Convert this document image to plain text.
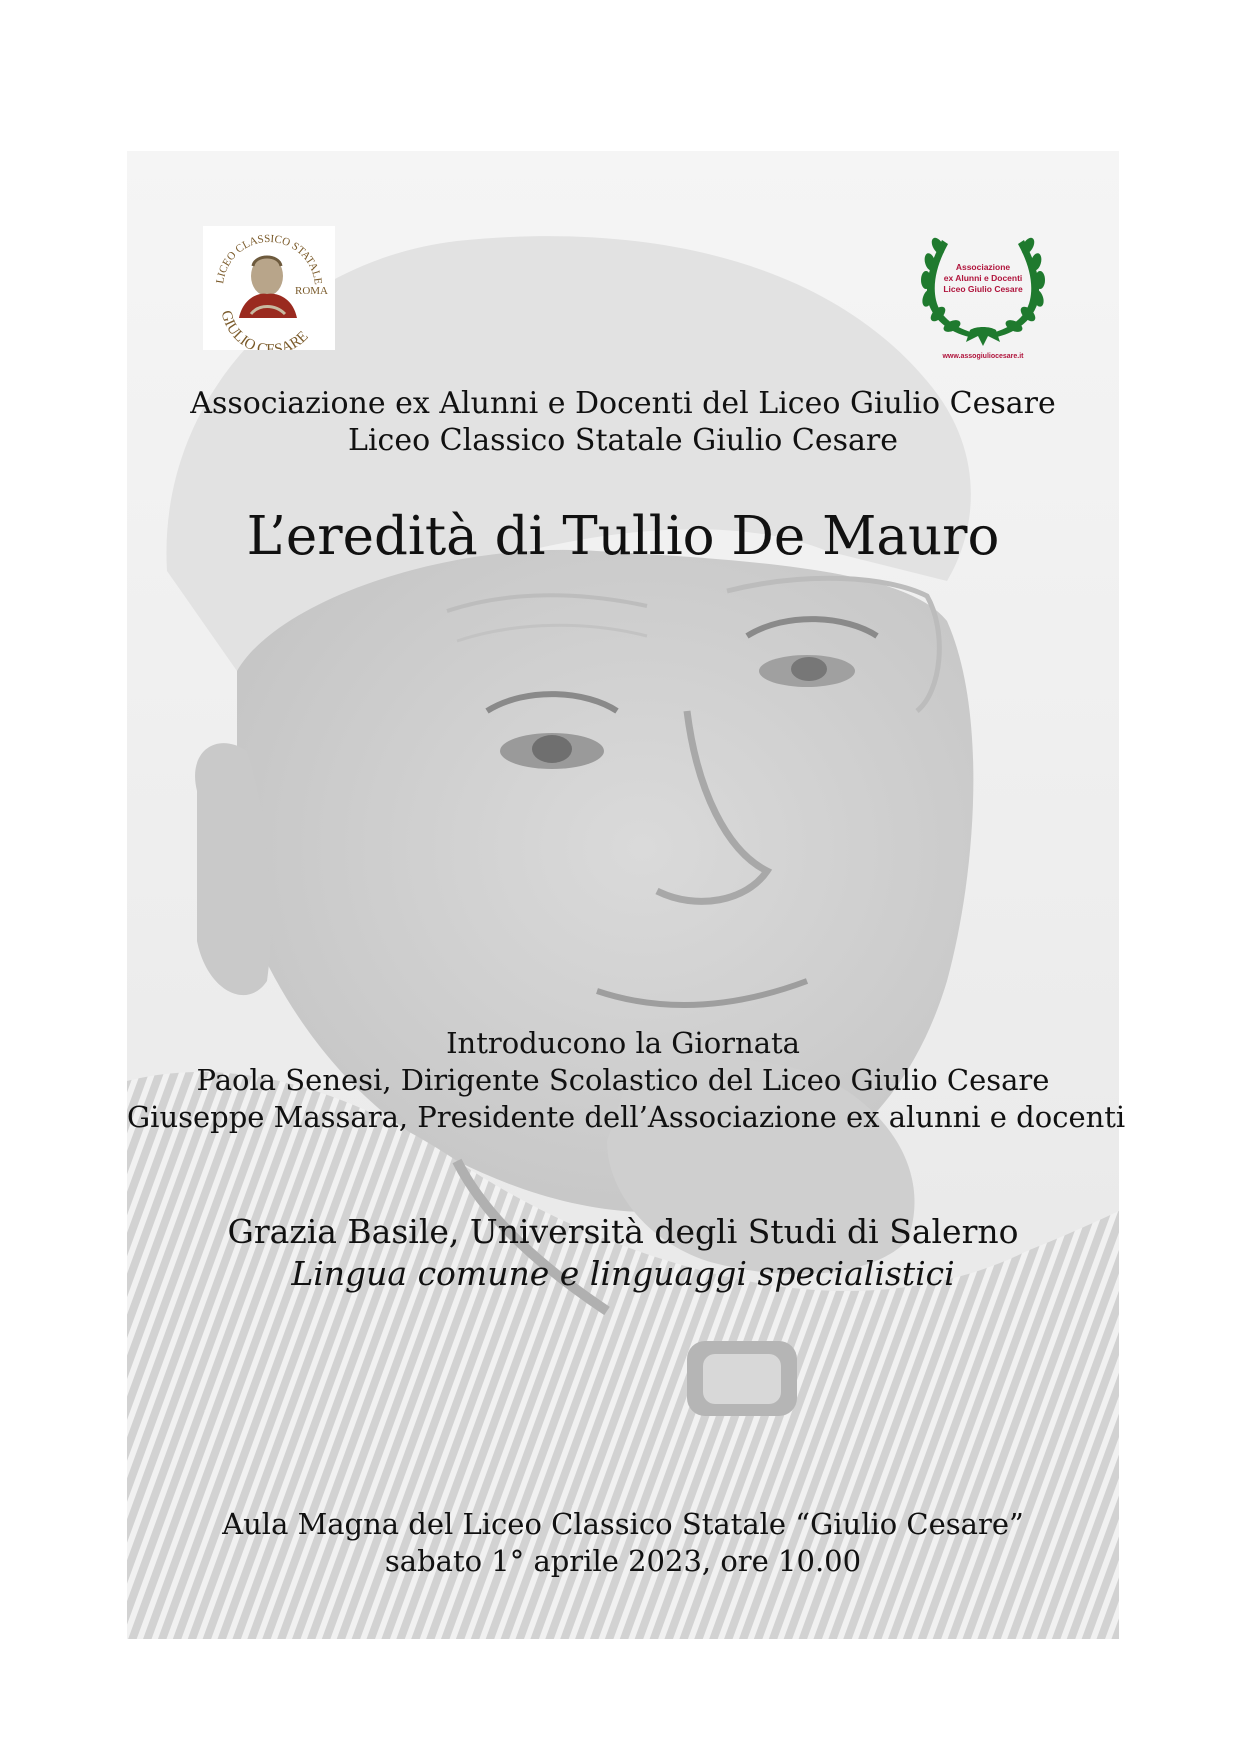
LICEO CLASSICO STATALE
ROMA
GIULIO CESARE
Associazione
ex Alunni e Docenti
Liceo Giulio Cesare
www.assogiuliocesare.it
Associazione ex Alunni e Docenti del Liceo Giulio Cesare
Liceo Classico Statale Giulio Cesare
L’eredità di Tullio De Mauro
Introducono la Giornata
Paola Senesi, Dirigente Scolastico del Liceo Giulio Cesare
Giuseppe Massara, Presidente dell’Associazione ex alunni e docenti
Grazia Basile, Università degli Studi di Salerno
Lingua comune e linguaggi specialistici
Aula Magna del Liceo Classico Statale “Giulio Cesare”
sabato 1° aprile 2023, ore 10.00
